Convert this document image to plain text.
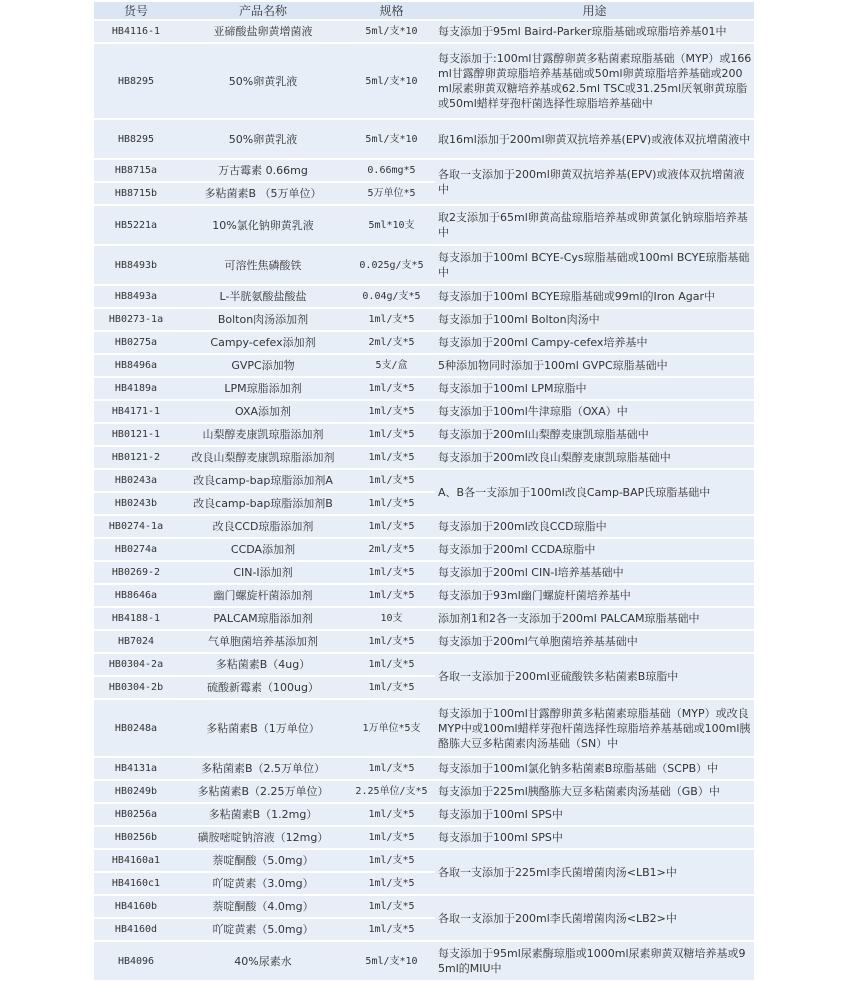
货号	产品名称	规格	用途
HB4116-1	亚碲酸盐卵黄增菌液	5ml/支*10	每支添加于95ml Baird-Parker琼脂基础或琼脂培养基01中
HB8295	50%卵黄乳液	5ml/支*10	每支添加于:100ml甘露醇卵黄多粘菌素琼脂基础（MYP）或166ml甘露醇卵黄琼脂培养基基础或50ml卵黄琼脂培养基础或200ml尿素卵黄双糖培养基或62.5ml TSC或31.25ml厌氧卵黄琼脂或50ml蜡样芽孢杆菌选择性琼脂培养基础中
HB8295	50%卵黄乳液	5ml/支*10	取16ml添加于200ml卵黄双抗培养基(EPV)或液体双抗增菌液中
HB8715a	万古霉素 0.66mg	0.66mg*5	各取一支添加于200ml卵黄双抗培养基(EPV)或液体双抗增菌液中
HB8715b	多粘菌素B （5万单位）	5万单位*5	
HB5221a	10%氯化钠卵黄乳液	5ml*10支	取2支添加于65ml卵黄高盐琼脂培养基或卵黄氯化钠琼脂培养基中
HB8493b	可溶性焦磷酸铁	0.025g/支*5	每支添加于100ml BCYE-Cys琼脂基础或100ml BCYE琼脂基础中
HB8493a	L-半胱氨酸盐酸盐	0.04g/支*5	每支添加于100ml BCYE琼脂基础或99ml的Iron Agar中
HB0273-1a	Bolton肉汤添加剂	1ml/支*5	每支添加于100ml Bolton肉汤中
HB0275a	Campy-cefex添加剂	2ml/支*5	每支添加于200ml Campy-cefex培养基中
HB8496a	GVPC添加物	5支/盒	5种添加物同时添加于100ml GVPC琼脂基础中
HB4189a	LPM琼脂添加剂	1ml/支*5	每支添加于100ml LPM琼脂中
HB4171-1	OXA添加剂	1ml/支*5	每支添加于100ml牛津琼脂（OXA）中
HB0121-1	山梨醇麦康凯琼脂添加剂	1ml/支*5	每支添加于200ml山梨醇麦康凯琼脂基础中
HB0121-2	改良山梨醇麦康凯琼脂添加剂	1ml/支*5	每支添加于200ml改良山梨醇麦康凯琼脂基础中
HB0243a	改良camp-bap琼脂添加剂A	1ml/支*5	A、B各一支添加于100ml改良Camp-BAP氏琼脂基础中
HB0243b	改良camp-bap琼脂添加剂B	1ml/支*5	
HB0274-1a	改良CCD琼脂添加剂	1ml/支*5	每支添加于200ml改良CCD琼脂中
HB0274a	CCDA添加剂	2ml/支*5	每支添加于200ml CCDA琼脂中
HB0269-2	CIN-I添加剂	1ml/支*5	每支添加于200ml CIN-I培养基基础中
HB8646a	幽门螺旋杆菌添加剂	1ml/支*5	每支添加于93ml幽门螺旋杆菌培养基中
HB4188-1	PALCAM琼脂添加剂	10支	添加剂1和2各一支添加于200ml PALCAM琼脂基础中
HB7024	气单胞菌培养基添加剂	1ml/支*5	每支添加于200ml气单胞菌培养基基础中
HB0304-2a	多粘菌素B（4ug）	1ml/支*5	各取一支添加于200ml亚硫酸铁多粘菌素B琼脂中
HB0304-2b	硫酸新霉素（100ug）	1ml/支*5	
HB0248a	多粘菌素B（1万单位）	1万单位*5支	每支添加于100ml甘露醇卵黄多粘菌素琼脂基础（MYP）或改良MYP中或100ml蜡样芽孢杆菌选择性琼脂培养基基础或100ml胰酪胨大豆多粘菌素肉汤基础（SN）中
HB4131a	多粘菌素B（2.5万单位）	1ml/支*5	每支添加于100ml氯化钠多粘菌素B琼脂基础（SCPB）中
HB0249b	多粘菌素B（2.25万单位）	2.25单位/支*5	每支添加于225ml胰酪胨大豆多粘菌素肉汤基础（GB）中
HB0256a	多粘菌素B（1.2mg）	1ml/支*5	每支添加于100ml SPS中
HB0256b	磺胺嘧啶钠溶液（12mg）	1ml/支*5	每支添加于100ml SPS中
HB4160a1	萘啶酮酸（5.0mg）	1ml/支*5	各取一支添加于225ml李氏菌增菌肉汤<LB1>中
HB4160c1	吖啶黄素（3.0mg）	1ml/支*5	
HB4160b	萘啶酮酸（4.0mg）	1ml/支*5	各取一支添加于200ml李氏菌增菌肉汤<LB2>中
HB4160d	吖啶黄素（5.0mg）	1ml/支*5	
HB4096	40%尿素水	5ml/支*10	每支添加于95ml尿素酶琼脂或1000ml尿素卵黄双糖培养基或95ml的MIU中
